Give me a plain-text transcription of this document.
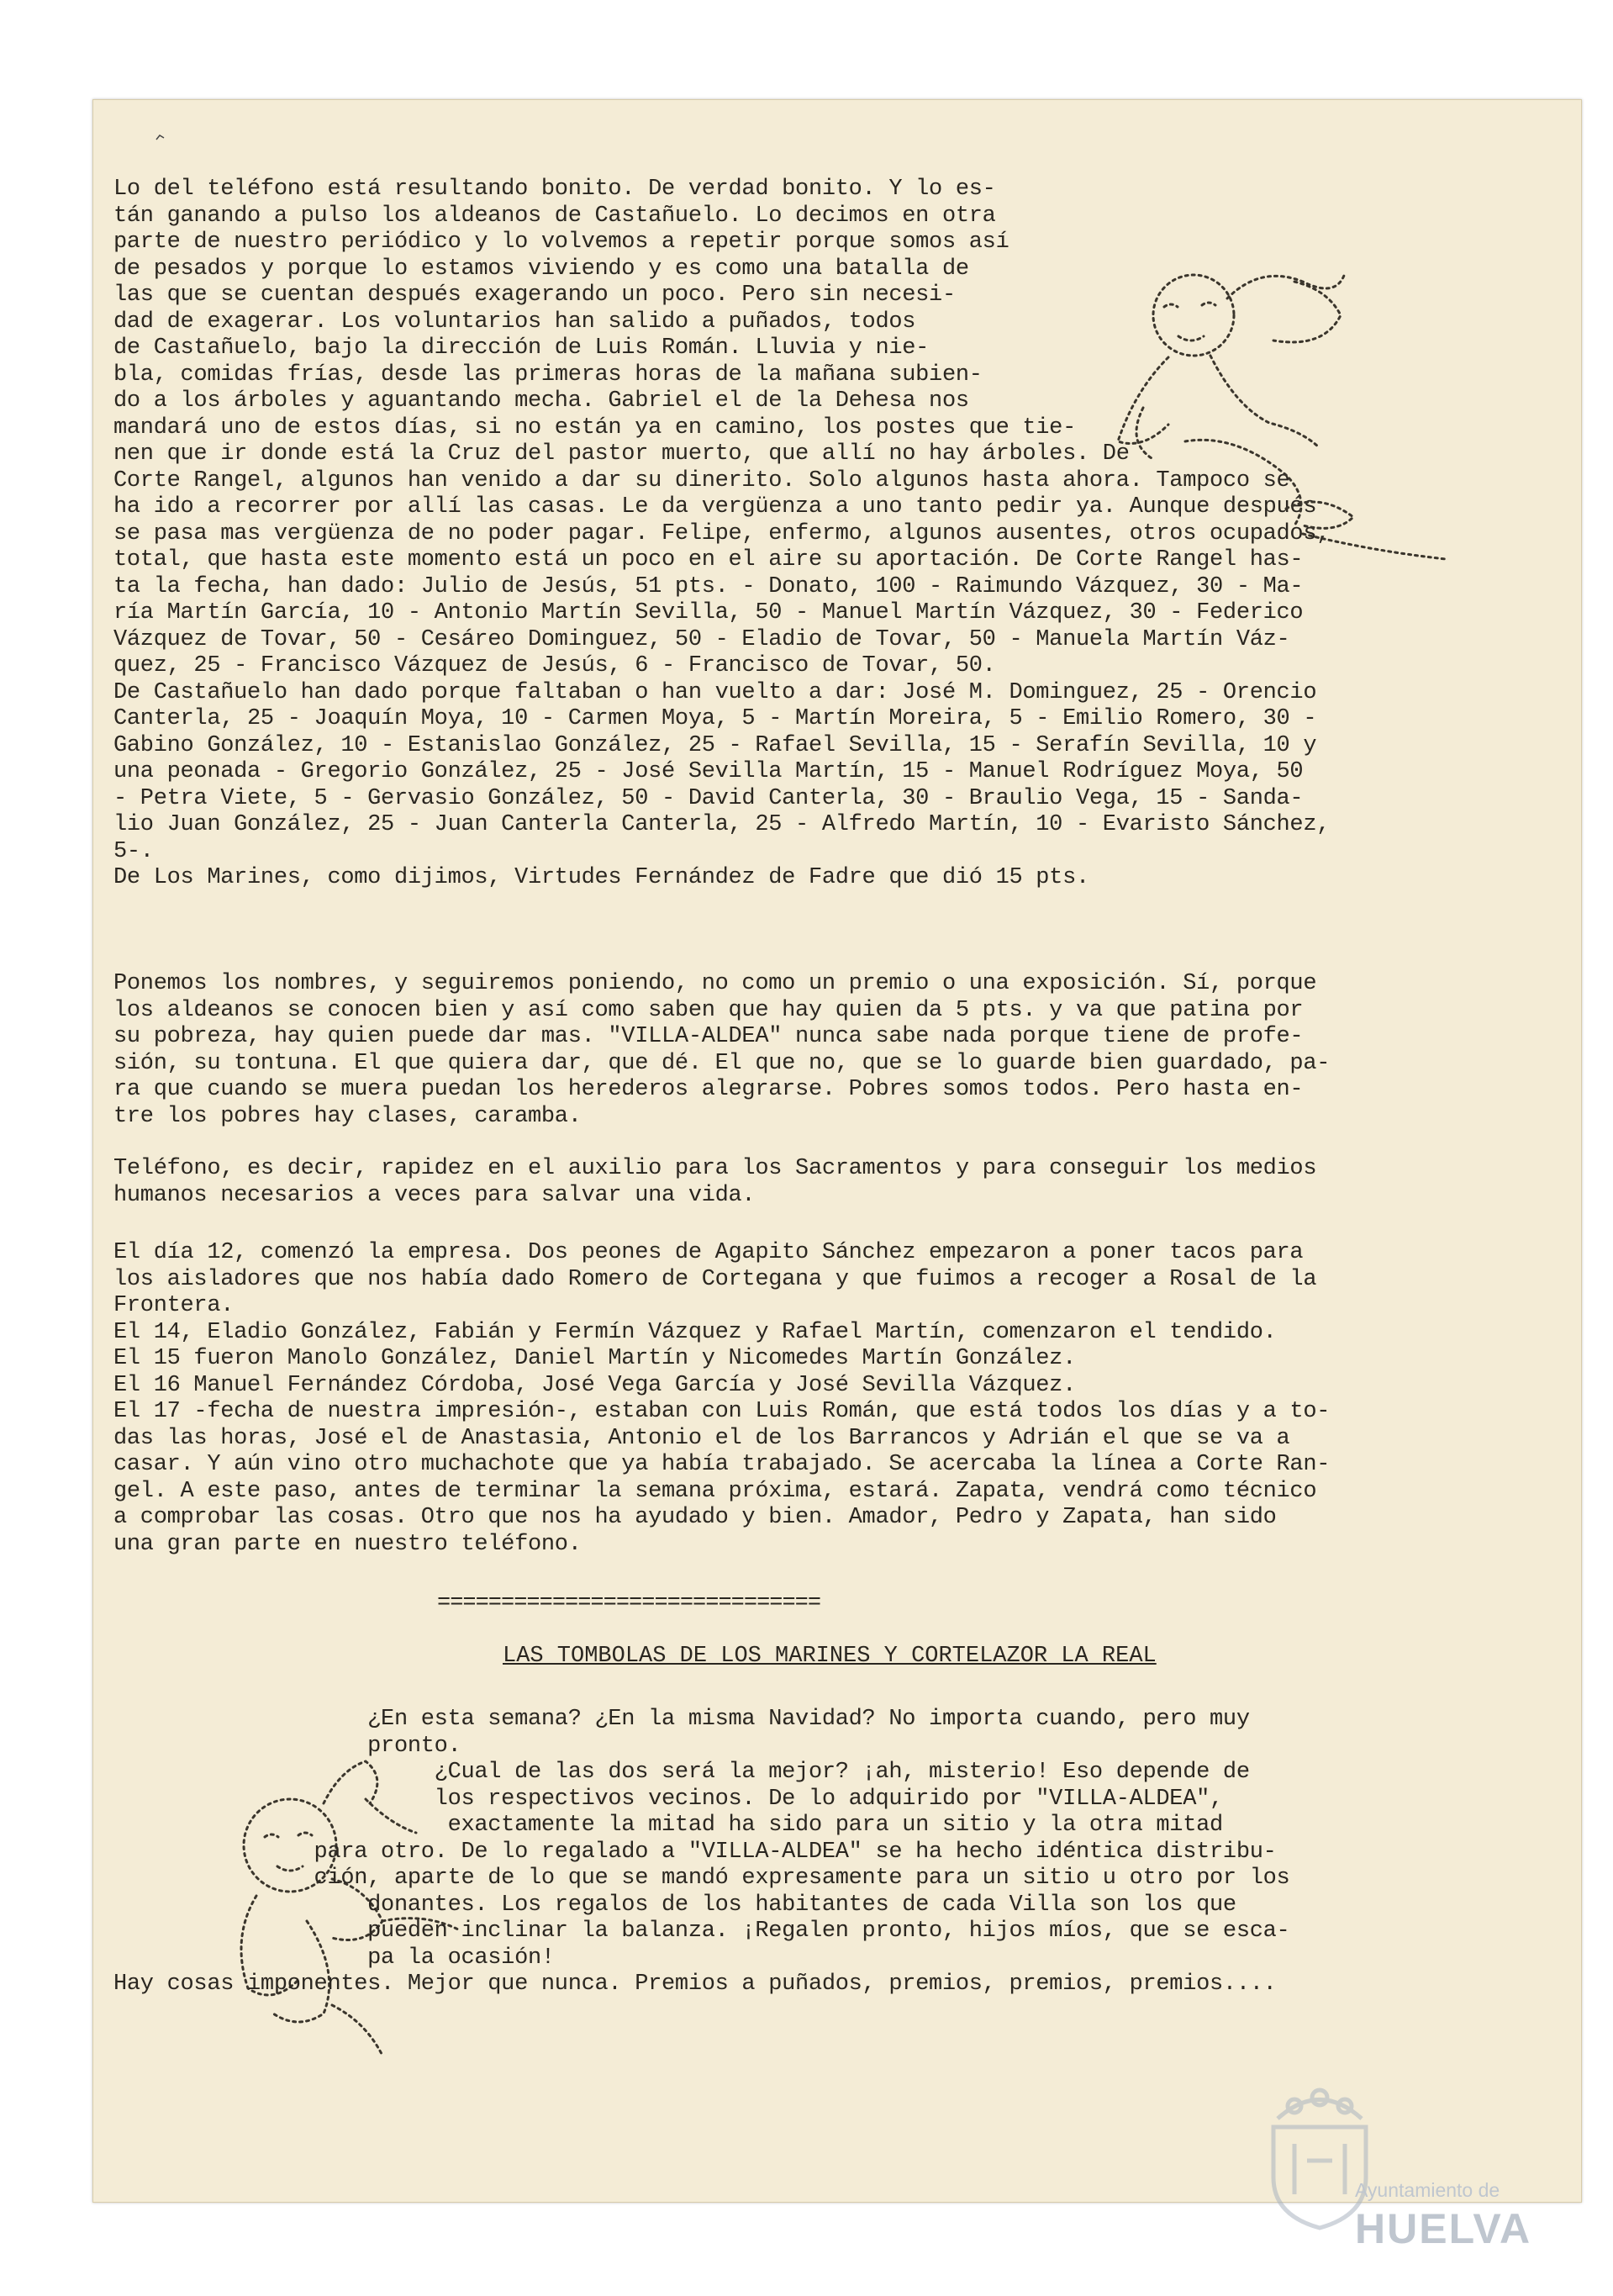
Lo del teléfono está resultando bonito. De verdad bonito. Y lo es-
tán ganando a pulso los aldeanos de Castañuelo. Lo decimos en otra
parte de nuestro periódico y lo volvemos a repetir porque somos así
de pesados y porque lo estamos viviendo y es como una batalla de
las que se cuentan después exagerando un poco. Pero sin necesi-
dad de exagerar. Los voluntarios han salido a puñados, todos
de Castañuelo, bajo la dirección de Luis Román. Lluvia y nie-
bla, comidas frías, desde las primeras horas de la mañana subien-
do a los árboles y aguantando mecha. Gabriel el de la Dehesa nos
mandará uno de estos días, si no están ya en camino, los postes que tie-
nen que ir donde está la Cruz del pastor muerto, que allí no hay árboles. De
Corte Rangel, algunos han venido a dar su dinerito. Solo algunos hasta ahora. Tampoco se
ha ido a recorrer por allí las casas. Le da vergüenza a uno tanto pedir ya. Aunque después
se pasa mas vergüenza de no poder pagar. Felipe, enfermo, algunos ausentes, otros ocupados,
total, que hasta este momento está un poco en el aire su aportación. De Corte Rangel has-
ta la fecha, han dado: Julio de Jesús, 51 pts. - Donato, 100 - Raimundo Vázquez, 30 - Ma-
ría Martín García, 10 - Antonio Martín Sevilla, 50 - Manuel Martín Vázquez, 30 - Federico
Vázquez de Tovar, 50 - Cesáreo Dominguez, 50 - Eladio de Tovar, 50 - Manuela Martín Váz-
quez, 25 - Francisco Vázquez de Jesús, 6 - Francisco de Tovar, 50.
De Castañuelo han dado porque faltaban o han vuelto a dar: José M. Dominguez, 25 - Orencio
Canterla, 25 - Joaquín Moya, 10 - Carmen Moya, 5 - Martín Moreira, 5 - Emilio Romero, 30 -
Gabino González, 10 - Estanislao González, 25 - Rafael Sevilla, 15 - Serafín Sevilla, 10 y
una peonada - Gregorio González, 25 - José Sevilla Martín, 15 - Manuel Rodríguez Moya, 50
- Petra Viete, 5 - Gervasio González, 50 - David Canterla, 30 - Braulio Vega, 15 - Sanda-
lio Juan González, 25 - Juan Canterla Canterla, 25 - Alfredo Martín, 10 - Evaristo Sánchez,
5-.
De Los Marines, como dijimos, Virtudes Fernández de Fadre que dió 15 pts.
Ponemos los nombres, y seguiremos poniendo, no como un premio o una exposición. Sí, porque
los aldeanos se conocen bien y así como saben que hay quien da 5 pts. y va que patina por
su pobreza, hay quien puede dar mas. "VILLA-ALDEA" nunca sabe nada porque tiene de profe-
sión, su tontuna. El que quiera dar, que dé. El que no, que se lo guarde bien guardado, pa-
ra que cuando se muera puedan los herederos alegrarse. Pobres somos todos. Pero hasta en-
tre los pobres hay clases, caramba.
Teléfono, es decir, rapidez en el auxilio para los Sacramentos y para conseguir los medios
humanos necesarios a veces para salvar una vida.
El día 12, comenzó la empresa. Dos peones de Agapito Sánchez empezaron a poner tacos para
los aisladores que nos había dado Romero de Cortegana y que fuimos a recoger a Rosal de la
Frontera.
El 14, Eladio González, Fabián y Fermín Vázquez y Rafael Martín, comenzaron el tendido.
El 15 fueron Manolo González, Daniel Martín y Nicomedes Martín González.
El 16 Manuel Fernández Córdoba, José Vega García y José Sevilla Vázquez.
El 17 -fecha de nuestra impresión-, estaban con Luis Román, que está todos los días y a to-
das las horas, José el de Anastasia, Antonio el de los Barrancos y Adrián el que se va a
casar. Y aún vino otro muchachote que ya había trabajado. Se acercaba la línea a Corte Ran-
gel. A este paso, antes de terminar la semana próxima, estará. Zapata, vendrá como técnico
a comprobar las cosas. Otro que nos ha ayudado y bien. Amador, Pedro y Zapata, han sido
una gran parte en nuestro teléfono.
==============================
LAS TOMBOLAS DE LOS MARINES Y CORTELAZOR LA REAL
¿En esta semana? ¿En la misma Navidad? No importa cuando, pero muy
pronto.
¿Cual de las dos será la mejor? ¡ah, misterio! Eso depende de
los respectivos vecinos. De lo adquirido por "VILLA-ALDEA",
exactamente la mitad ha sido para un sitio y la otra mitad
para otro. De lo regalado a "VILLA-ALDEA" se ha hecho idéntica distribu-
ción, aparte de lo que se mandó expresamente para un sitio u otro por los
donantes. Los regalos de los habitantes de cada Villa son los que
pueden inclinar la balanza. ¡Regalen pronto, hijos míos, que se esca-
pa la ocasión!
Hay cosas imponentes. Mejor que nunca. Premios a puñados, premios, premios, premios....
Ayuntamiento de
HUELVA
